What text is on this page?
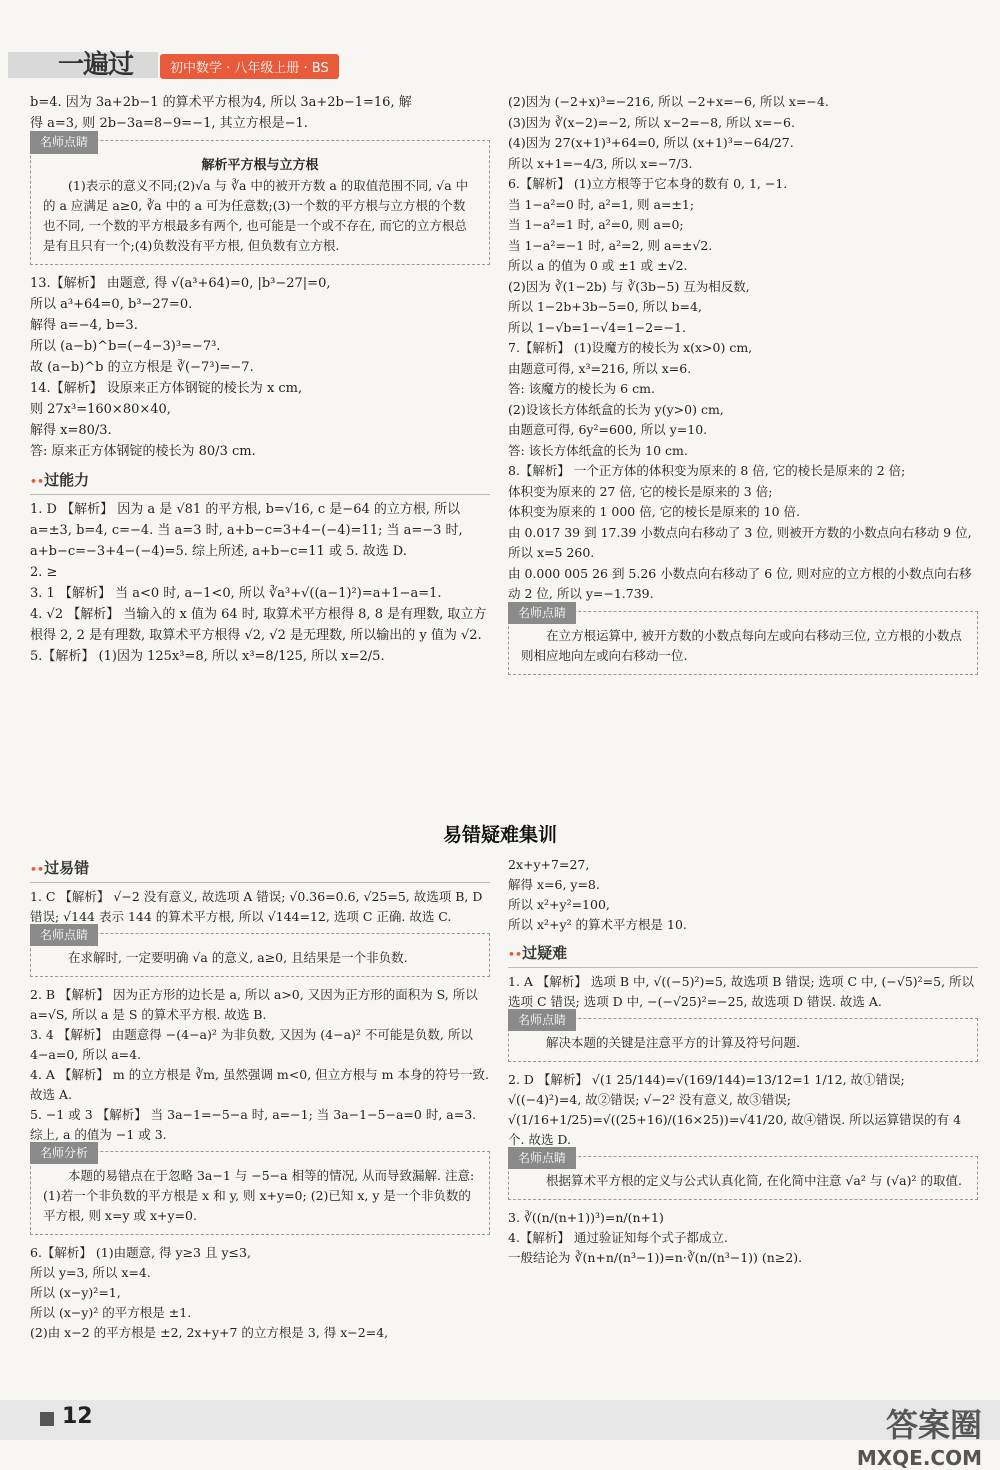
一遍过	初中数学 · 八年级上册 · BS

b=4. 因为 3a+2b−1 的算术平方根为4, 所以 3a+2b−1=16, 解

得 a=3, 则 2b−3a=8−9=−1, 其立方根是−1.

名师点睛
解析平方根与立方根
(1)表示的意义不同;(2)√a 与 ∛a 中的被开方数 a 的取值范围不同, √a 中的 a 应满足 a≥0, ∛a 中的 a 可为任意数;(3)一个数的平方根与立方根的个数也不同, 一个数的平方根最多有两个, 也可能是一个或不存在, 而它的立方根总是有且只有一个;(4)负数没有平方根, 但负数有立方根.

13.【解析】 由题意, 得 √(a³+64)=0, |b³−27|=0,

所以 a³+64=0, b³−27=0.

解得 a=−4, b=3.

所以 (a−b)^b=(−4−3)³=−7³.

故 (a−b)^b 的立方根是 ∛(−7³)=−7.

14.【解析】 设原来正方体钢锭的棱长为 x cm,

则 27x³=160×80×40,

解得 x=80/3.

答: 原来正方体钢锭的棱长为 80/3 cm.

•• 过能力

1. D 【解析】 因为 a 是 √81 的平方根, b=√16, c 是−64 的立方根, 所以 a=±3, b=4, c=−4. 当 a=3 时, a+b−c=3+4−(−4)=11; 当 a=−3 时, a+b−c=−3+4−(−4)=5. 综上所述, a+b−c=11 或 5. 故选 D.

2. ≥

3. 1 【解析】 当 a<0 时, a−1<0, 所以 ∛a³+√((a−1)²)=a+1−a=1.

4. √2 【解析】 当输入的 x 值为 64 时, 取算术平方根得 8, 8 是有理数, 取立方根得 2, 2 是有理数, 取算术平方根得 √2, √2 是无理数, 所以输出的 y 值为 √2.

5.【解析】 (1)因为 125x³=8, 所以 x³=8/125, 所以 x=2/5.

(2)因为 (−2+x)³=−216, 所以 −2+x=−6, 所以 x=−4.

(3)因为 ∛(x−2)=−2, 所以 x−2=−8, 所以 x=−6.

(4)因为 27(x+1)³+64=0, 所以 (x+1)³=−64/27.

所以 x+1=−4/3, 所以 x=−7/3.

6.【解析】 (1)立方根等于它本身的数有 0, 1, −1.

当 1−a²=0 时, a²=1, 则 a=±1;

当 1−a²=1 时, a²=0, 则 a=0;

当 1−a²=−1 时, a²=2, 则 a=±√2.

所以 a 的值为 0 或 ±1 或 ±√2.

(2)因为 ∛(1−2b) 与 ∛(3b−5) 互为相反数,

所以 1−2b+3b−5=0, 所以 b=4,

所以 1−√b=1−√4=1−2=−1.

7.【解析】 (1)设魔方的棱长为 x(x>0) cm,

由题意可得, x³=216, 所以 x=6.

答: 该魔方的棱长为 6 cm.

(2)设该长方体纸盒的长为 y(y>0) cm,

由题意可得, 6y²=600, 所以 y=10.

答: 该长方体纸盒的长为 10 cm.

8.【解析】 一个正方体的体积变为原来的 8 倍, 它的棱长是原来的 2 倍;

体积变为原来的 27 倍, 它的棱长是原来的 3 倍;

体积变为原来的 1 000 倍, 它的棱长是原来的 10 倍.

由 0.017 39 到 17.39 小数点向右移动了 3 位, 则被开方数的小数点向右移动 9 位, 所以 x=5 260.

由 0.000 005 26 到 5.26 小数点向右移动了 6 位, 则对应的立方根的小数点向右移动 2 位, 所以 y=−1.739.

名师点睛
在立方根运算中, 被开方数的小数点每向左或向右移动三位, 立方根的小数点则相应地向左或向右移动一位.
易错疑难集训
•• 过易错

1. C 【解析】 √−2 没有意义, 故选项 A 错误; √0.36=0.6, √25=5, 故选项 B, D 错误; √144 表示 144 的算术平方根, 所以 √144=12, 选项 C 正确. 故选 C.

名师点睛
在求解时, 一定要明确 √a 的意义, a≥0, 且结果是一个非负数.

2. B 【解析】 因为正方形的边长是 a, 所以 a>0, 又因为正方形的面积为 S, 所以 a=√S, 所以 a 是 S 的算术平方根. 故选 B.

3. 4 【解析】 由题意得 −(4−a)² 为非负数, 又因为 (4−a)² 不可能是负数, 所以 4−a=0, 所以 a=4.

4. A 【解析】 m 的立方根是 ∛m, 虽然强调 m<0, 但立方根与 m 本身的符号一致. 故选 A.

5. −1 或 3 【解析】 当 3a−1=−5−a 时, a=−1; 当 3a−1−5−a=0 时, a=3. 综上, a 的值为 −1 或 3.

名师分析
本题的易错点在于忽略 3a−1 与 −5−a 相等的情况, 从而导致漏解. 注意: (1)若一个非负数的平方根是 x 和 y, 则 x+y=0; (2)已知 x, y 是一个非负数的平方根, 则 x=y 或 x+y=0.

6.【解析】 (1)由题意, 得 y≥3 且 y≤3,

所以 y=3, 所以 x=4.

所以 (x−y)²=1,

所以 (x−y)² 的平方根是 ±1.

(2)由 x−2 的平方根是 ±2, 2x+y+7 的立方根是 3, 得 x−2=4,

2x+y+7=27,

解得 x=6, y=8.

所以 x²+y²=100,

所以 x²+y² 的算术平方根是 10.

•• 过疑难

1. A 【解析】 选项 B 中, √((−5)²)=5, 故选项 B 错误; 选项 C 中, (−√5)²=5, 所以选项 C 错误; 选项 D 中, −(−√25)²=−25, 故选项 D 错误. 故选 A.

名师点睛
解决本题的关键是注意平方的计算及符号问题.

2. D 【解析】 √(1 25/144)=√(169/144)=13/12=1 1/12, 故①错误; √((−4)²)=4, 故②错误; √−2² 没有意义, 故③错误; √(1/16+1/25)=√((25+16)/(16×25))=√41/20, 故④错误. 所以运算错误的有 4 个. 故选 D.

名师点睛
根据算术平方根的定义与公式认真化简, 在化简中注意 √a² 与 (√a)² 的取值.

3. ∛((n/(n+1))³)=n/(n+1)

4.【解析】 通过验证知每个式子都成立.

一般结论为 ∛(n+n/(n³−1))=n·∛(n/(n³−1)) (n≥2).

12	答案圈
MXQE.COM
